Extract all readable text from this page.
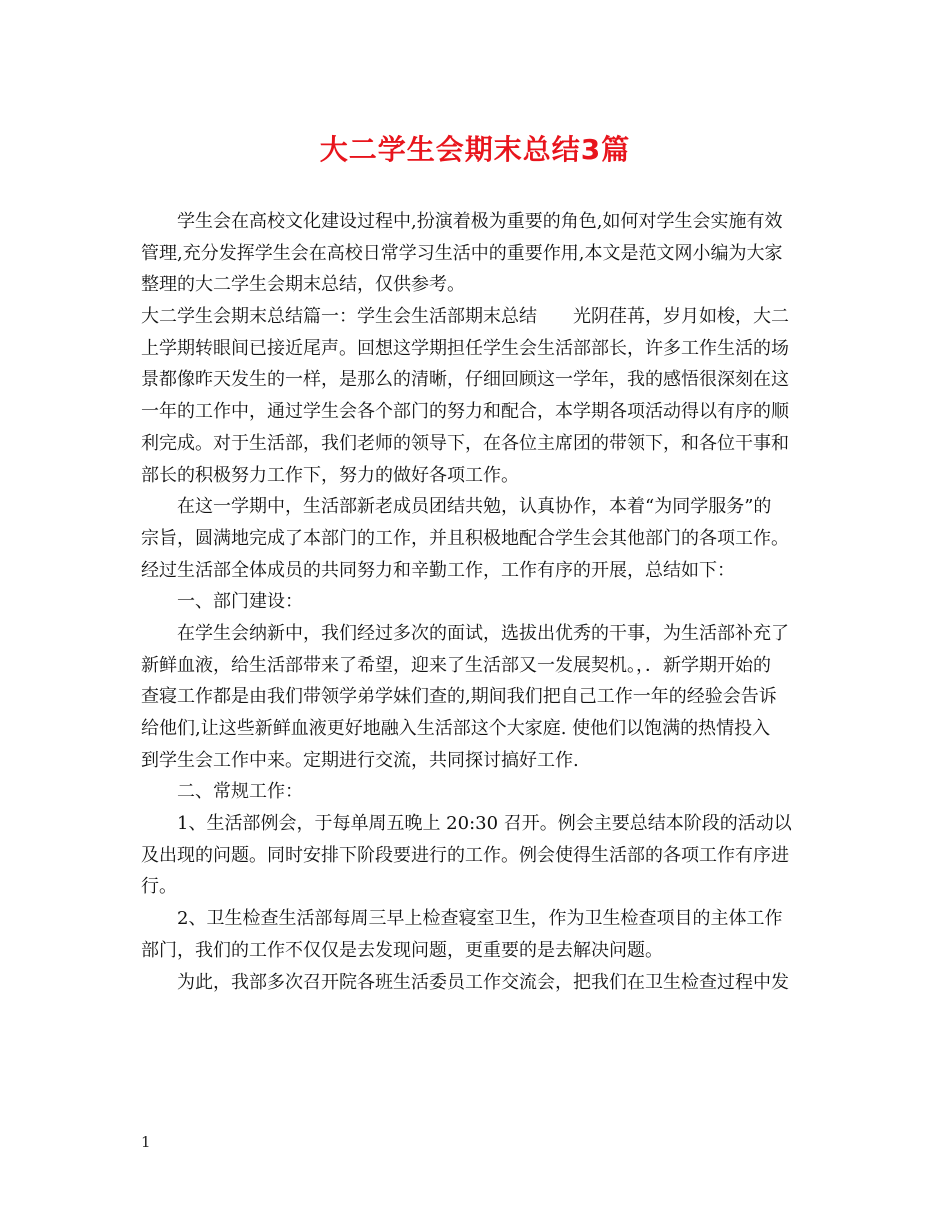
大二学生会期末总结3篇
学生会在高校文化建设过程中,扮演着极为重要的角色,如何对学生会实施有效
管理,充分发挥学生会在高校日常学习生活中的重要作用,本文是范文网小编为大家
整理的大二学生会期末总结，仅供参考。
大二学生会期末总结篇一：学生会生活部期末总结　　光阴荏苒，岁月如梭，大二
上学期转眼间已接近尾声。回想这学期担任学生会生活部部长，许多工作生活的场
景都像昨天发生的一样，是那么的清晰，仔细回顾这一学年，我的感悟很深刻在这
一年的工作中，通过学生会各个部门的努力和配合，本学期各项活动得以有序的顺
利完成。对于生活部，我们老师的领导下，在各位主席团的带领下，和各位干事和
部长的积极努力工作下，努力的做好各项工作。
在这一学期中，生活部新老成员团结共勉，认真协作，本着“为同学服务”的
宗旨，圆满地完成了本部门的工作，并且积极地配合学生会其他部门的各项工作。
经过生活部全体成员的共同努力和辛勤工作，工作有序的开展，总结如下：
一、部门建设：
在学生会纳新中，我们经过多次的面试，选拔出优秀的干事，为生活部补充了
新鲜血液，给生活部带来了希望，迎来了生活部又一发展契机。，．新学期开始的
查寝工作都是由我们带领学弟学妹们查的,期间我们把自己工作一年的经验会告诉
给他们,让这些新鲜血液更好地融入生活部这个大家庭. 使他们以饱满的热情投入
到学生会工作中来。定期进行交流，共同探讨搞好工作.
二、常规工作：
1、生活部例会，于每单周五晚上 20:30 召开。例会主要总结本阶段的活动以
及出现的问题。同时安排下阶段要进行的工作。例会使得生活部的各项工作有序进
行。
2、卫生检查生活部每周三早上检查寝室卫生，作为卫生检查项目的主体工作
部门，我们的工作不仅仅是去发现问题，更重要的是去解决问题。
为此，我部多次召开院各班生活委员工作交流会，把我们在卫生检查过程中发
1
